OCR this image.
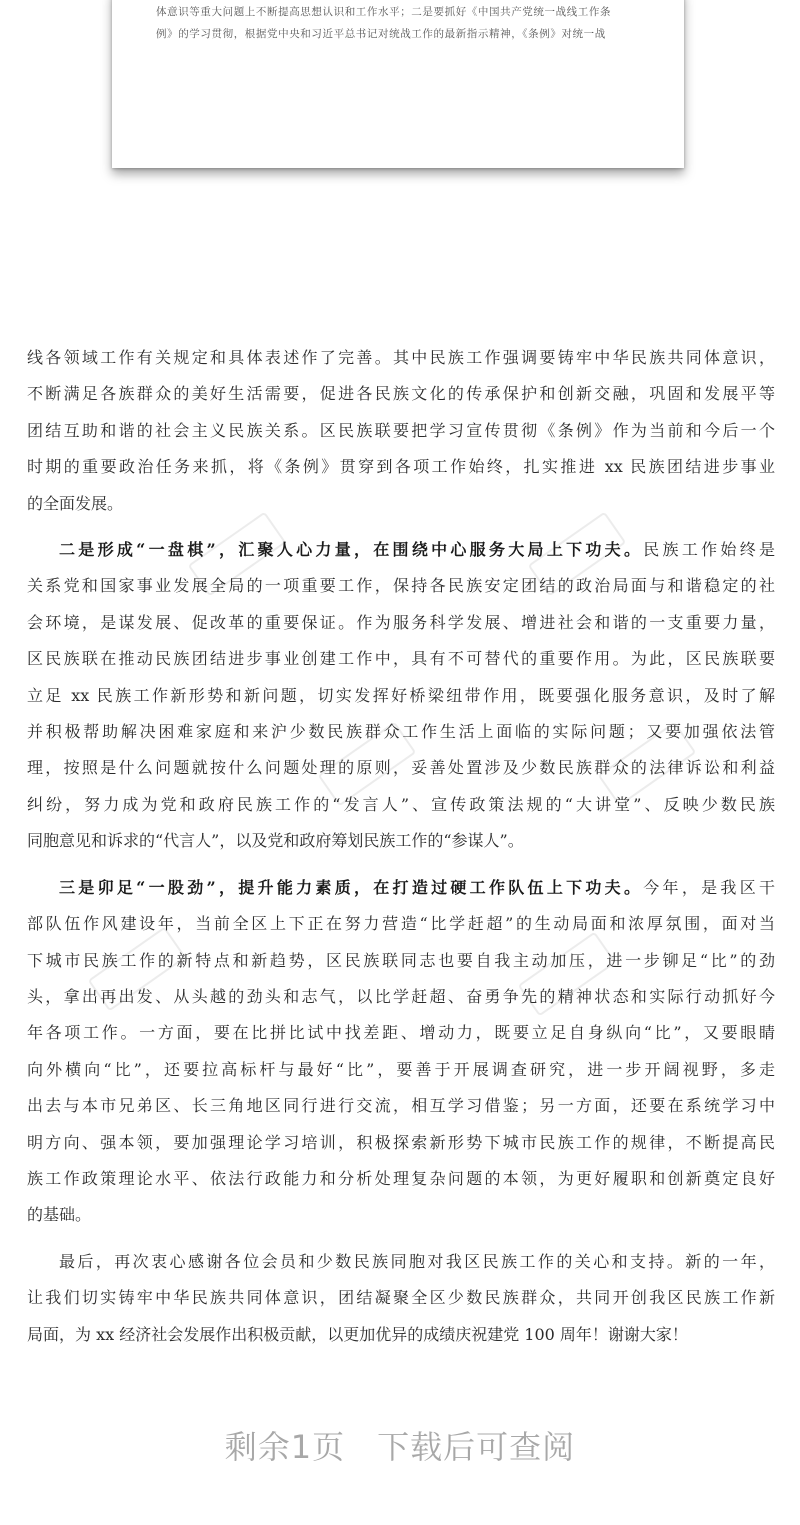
体意识等重大问题上不断提高思想认识和工作水平；二是要抓好《中国共产党统一战线工作条
例》的学习贯彻，根据党中央和习近平总书记对统战工作的最新指示精神，《条例》对统一战

线各领域工作有关规定和具体表述作了完善。其中民族工作强调要铸牢中华民族共同体意识，
不断满足各族群众的美好生活需要，促进各民族文化的传承保护和创新交融，巩固和发展平等
团结互助和谐的社会主义民族关系。区民族联要把学习宣传贯彻《条例》作为当前和今后一个
时期的重要政治任务来抓，将《条例》贯穿到各项工作始终，扎实推进 xx 民族团结进步事业
的全面发展。

二是形成“一盘棋”，汇聚人心力量，在围绕中心服务大局上下功夫。民族工作始终是
关系党和国家事业发展全局的一项重要工作，保持各民族安定团结的政治局面与和谐稳定的社
会环境，是谋发展、促改革的重要保证。作为服务科学发展、增进社会和谐的一支重要力量，
区民族联在推动民族团结进步事业创建工作中，具有不可替代的重要作用。为此，区民族联要
立足 xx 民族工作新形势和新问题，切实发挥好桥梁纽带作用，既要强化服务意识，及时了解
并积极帮助解决困难家庭和来沪少数民族群众工作生活上面临的实际问题；又要加强依法管
理，按照是什么问题就按什么问题处理的原则，妥善处置涉及少数民族群众的法律诉讼和利益
纠纷，努力成为党和政府民族工作的“发言人”、宣传政策法规的“大讲堂”、反映少数民族
同胞意见和诉求的“代言人”，以及党和政府筹划民族工作的“参谋人”。

三是卯足“一股劲”，提升能力素质，在打造过硬工作队伍上下功夫。今年，是我区干
部队伍作风建设年，当前全区上下正在努力营造“比学赶超”的生动局面和浓厚氛围，面对当
下城市民族工作的新特点和新趋势，区民族联同志也要自我主动加压，进一步铆足“比”的劲
头，拿出再出发、从头越的劲头和志气，以比学赶超、奋勇争先的精神状态和实际行动抓好今
年各项工作。一方面，要在比拼比试中找差距、增动力，既要立足自身纵向“比”，又要眼睛
向外横向“比”，还要拉高标杆与最好“比”，要善于开展调查研究，进一步开阔视野，多走
出去与本市兄弟区、长三角地区同行进行交流，相互学习借鉴；另一方面，还要在系统学习中
明方向、强本领，要加强理论学习培训，积极探索新形势下城市民族工作的规律，不断提高民
族工作政策理论水平、依法行政能力和分析处理复杂问题的本领，为更好履职和创新奠定良好
的基础。

最后，再次衷心感谢各位会员和少数民族同胞对我区民族工作的关心和支持。新的一年，
让我们切实铸牢中华民族共同体意识，团结凝聚全区少数民族群众，共同开创我区民族工作新
局面，为 xx 经济社会发展作出积极贡献，以更加优异的成绩庆祝建党 100 周年！谢谢大家！

剩余1页 下载后可查阅
